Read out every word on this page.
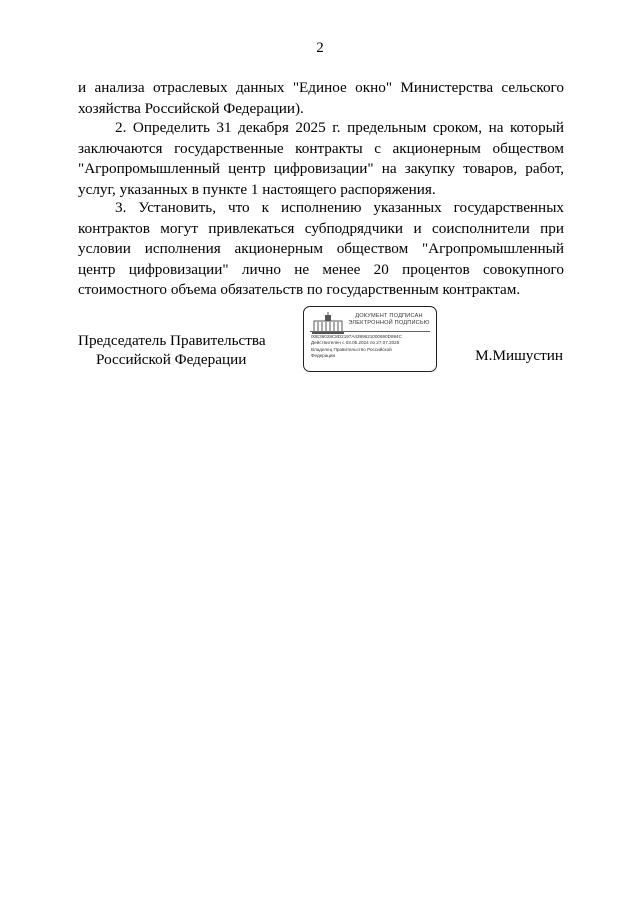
2

и анализа отраслевых данных "Единое окно" Министерства сельского хозяйства Российской Федерации).

2. Определить 31 декабря 2025 г. предельным сроком, на который заключаются государственные контракты с акционерным обществом "Агропромышленный центр цифровизации" на закупку товаров, работ, услуг, указанных в пункте 1 настоящего распоряжения.

3. Установить, что к исполнению указанных государственных контрактов могут привлекаться субподрядчики и соисполнители при условии исполнения акционерным обществом "Агропромышленный центр цифровизации" лично не менее 20 процентов совокупного стоимостного объема обязательств по государственным контрактам.

Председатель Правительства
Российской Федерации
ДОКУМЕНТ ПОДПИСАН
ЭЛЕКТРОННОЙ ПОДПИСЬЮ
00E36028C8D2197A4399621000690D894C
Действителен с 03.05.2024 по 27.07.2025
Владелец Правительство Российской
Федерации	М.Мишустин
